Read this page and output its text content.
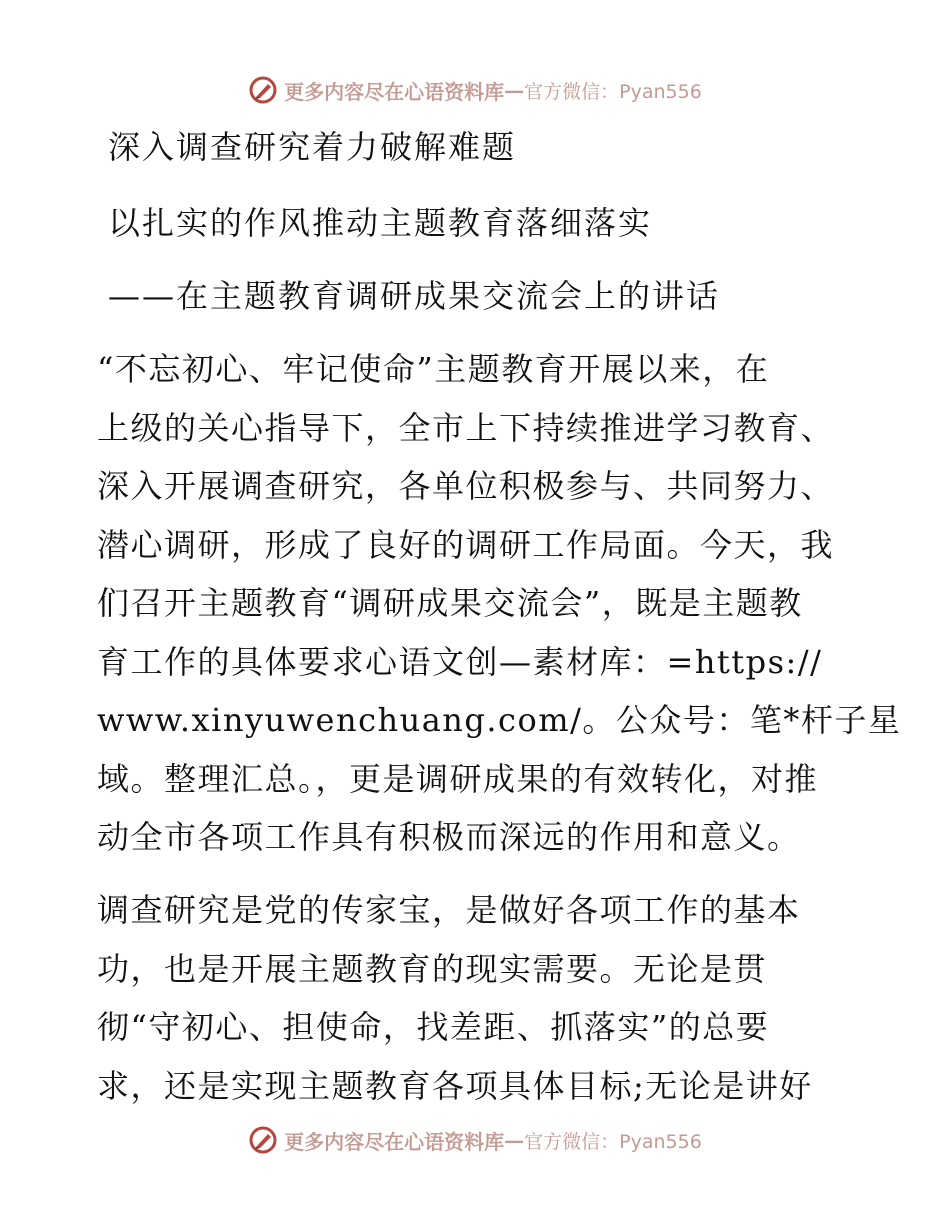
更多内容尽在心语资料库 — 官方微信：Pyan556
深入调查研究着力破解难题
以扎实的作风推动主题教育落细落实
——在主题教育调研成果交流会上的讲话
“不忘初心、牢记使命”主题教育开展以来，在
上级的关心指导下，全市上下持续推进学习教育、
深入开展调查研究，各单位积极参与、共同努力、
潜心调研，形成了良好的调研工作局面。今天，我
们召开主题教育“调研成果交流会”，既是主题教
育工作的具体要求心语文创—素材库：=https://
www.xinyuwenchuang.com/。公众号：笔*杆子星
域。整理汇总。，更是调研成果的有效转化，对推
动全市各项工作具有积极而深远的作用和意义。
调查研究是党的传家宝，是做好各项工作的基本
功，也是开展主题教育的现实需要。无论是贯
彻“守初心、担使命，找差距、抓落实”的总要
求，还是实现主题教育各项具体目标;无论是讲好
更多内容尽在心语资料库 — 官方微信：Pyan556
